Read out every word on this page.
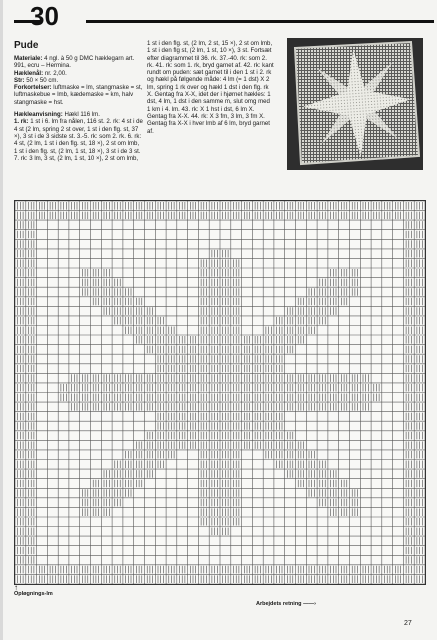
30
Pude
Materiale: 4 ngl. à 50 g DMC hæklegarn art. 991, ecru – Hermina.
Hæklenål: nr. 2,00.
Str: 50 × 50 cm.
Forkortelser: luftmaske = lm, stangmaske = st, luftmaskebue = lmb, kædemaske = km, halv stangmaske = hst.
Hækleanvisning: Hækl 116 lm.
1. rk: 1 st i 6. lm fra nålen, 116 st. 2. rk: 4 st i de 4 st (2 lm, spring 2 st over, 1 st i den flg. st, 37 ×), 3 st i de 3 sidste st. 3.-5. rk: som 2. rk. 6. rk: 4 st, (2 lm, 1 st i den flg. st, 18 ×), 2 st om lmb, 1 st i den flg. st, (2 lm, 1 st, 18 ×), 3 st i de 3 st. 7. rk: 3 lm, 3 st, (2 lm, 1 st, 10 ×), 2 st om lmb,
1 st i den flg. st, (2 lm, 2 st, 15 ×), 2 st om lmb, 1 st i den flg st, (2 lm, 1 st, 10 ×), 3 st. Fortsæt efter diagrammet til 36. rk. 37.-40. rk: som 2. rk. 41. rk: som 1. rk, bryd garnet af. 42. rk: kant rundt om puden: sæt garnet til i den 1 st i 2. rk og hækl på følgende måde: 4 lm (= 1 dst) X 2 lm, spring 1 rk over og hækl 1 dst i den flg. rk X. Gentag fra X-X, idet der i hjørnet hækles: 1 dst, 4 lm, 1 dst i den samme m, slut omg med 1 km i 4. lm. 43. rk: X 1 hst i dst, 6 lm X. Gentag fra X-X. 44. rk: X 3 fm, 3 lm, 3 fm X. Gentag fra X-X i hver lmb af 6 lm, bryd garnet af.
↑
Opløgnings-lm
Arbejdets retning ——›
27
